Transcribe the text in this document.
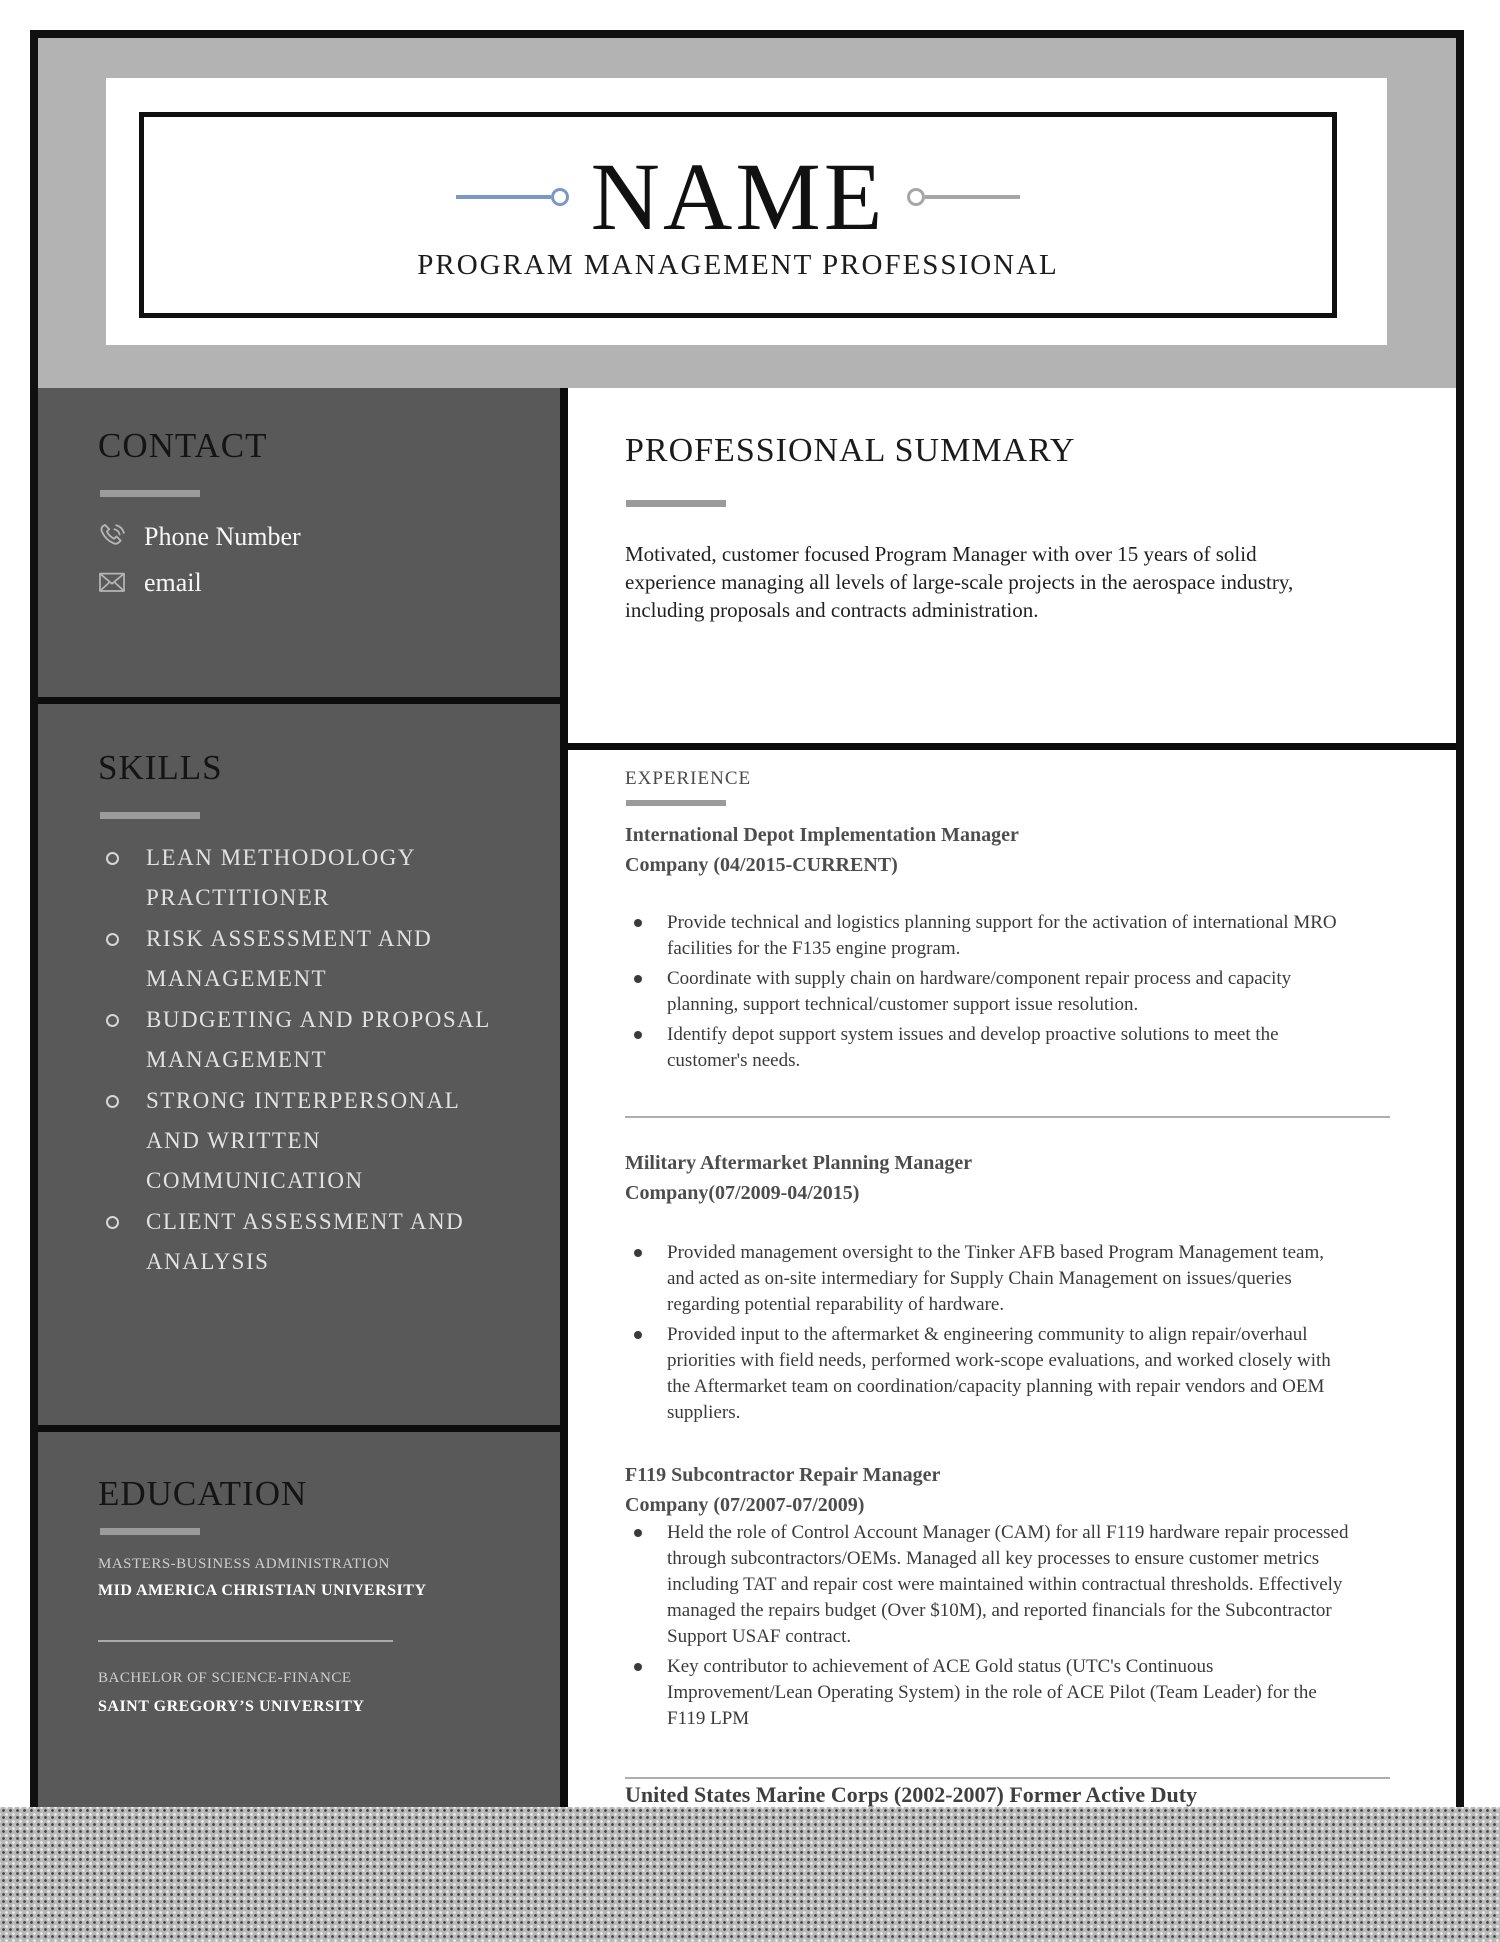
NAME
PROGRAM MANAGEMENT PROFESSIONAL
CONTACT
Phone Number
email
SKILLS
LEAN METHODOLOGY PRACTITIONER
RISK ASSESSMENT AND MANAGEMENT
BUDGETING AND PROPOSAL MANAGEMENT
STRONG INTERPERSONAL AND WRITTEN COMMUNICATION
CLIENT ASSESSMENT AND ANALYSIS
EDUCATION
MASTERS-BUSINESS ADMINISTRATION
MID AMERICA CHRISTIAN UNIVERSITY
BACHELOR OF SCIENCE-FINANCE
SAINT GREGORY’S UNIVERSITY
PROFESSIONAL SUMMARY
Motivated, customer focused Program Manager with over 15 years of solid experience managing all levels of large-scale projects in the aerospace industry, including proposals and contracts administration.
EXPERIENCE
International Depot Implementation Manager
Company (04/2015-CURRENT)
Provide technical and logistics planning support for the activation of international MRO facilities for the F135 engine program.
Coordinate with supply chain on hardware/component repair process and capacity planning, support technical/customer support issue resolution.
Identify depot support system issues and develop proactive solutions to meet the customer's needs.
Military Aftermarket Planning Manager
Company(07/2009-04/2015)
Provided management oversight to the Tinker AFB based Program Management team, and acted as on-site intermediary for Supply Chain Management on issues/queries regarding potential reparability of hardware.
Provided input to the aftermarket & engineering community to align repair/overhaul priorities with field needs, performed work-scope evaluations, and worked closely with the Aftermarket team on coordination/capacity planning with repair vendors and OEM suppliers.
F119 Subcontractor Repair Manager
Company (07/2007-07/2009)
Held the role of Control Account Manager (CAM) for all F119 hardware repair processed through subcontractors/OEMs. Managed all key processes to ensure customer metrics including TAT and repair cost were maintained within contractual thresholds. Effectively managed the repairs budget (Over $10M), and reported financials for the Subcontractor Support USAF contract.
Key contributor to achievement of ACE Gold status (UTC's Continuous Improvement/Lean Operating System) in the role of ACE Pilot (Team Leader) for the F119 LPM
United States Marine Corps (2002-2007) Former Active Duty
